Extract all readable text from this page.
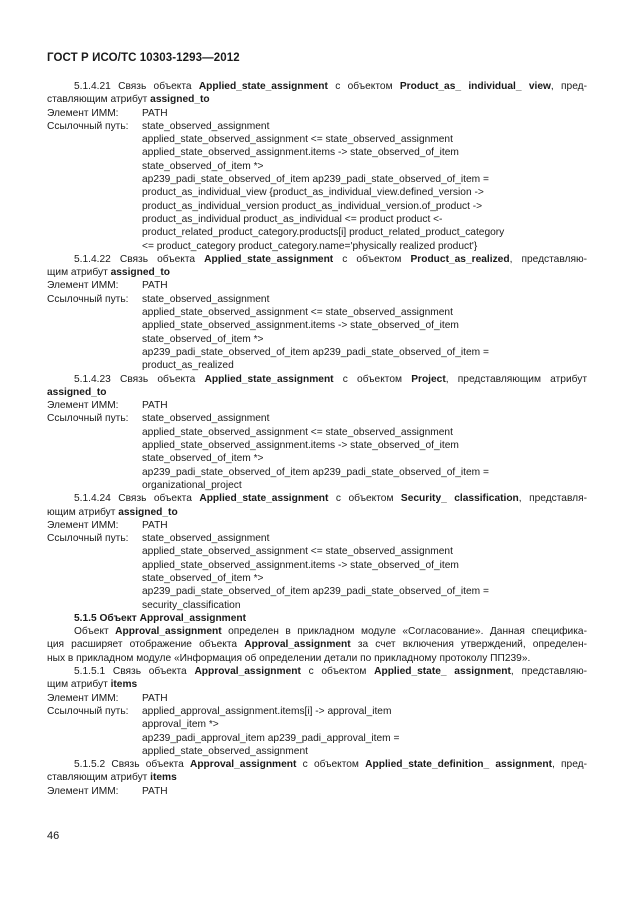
ГОСТ Р ИСО/ТС 10303-1293—2012
5.1.4.21 Связь объекта Applied_state_assignment с объектом Product_as_ individual_ view, пред-
ставляющим атрибут assigned_to
Элемент ИММ: PATH
Ссылочный путь: state_observed_assignment
applied_state_observed_assignment <= state_observed_assignment
applied_state_observed_assignment.items -> state_observed_of_item
state_observed_of_item *>
ap239_padi_state_observed_of_item ap239_padi_state_observed_of_item =
product_as_individual_view {product_as_individual_view.defined_version ->
product_as_individual_version product_as_individual_version.of_product ->
product_as_individual product_as_individual <= product product <-
product_related_product_category.products[i] product_related_product_category
<= product_category product_category.name='physically realized product'}
5.1.4.22 Связь объекта Applied_state_assignment с объектом Product_as_realized, представляю-
щим атрибут assigned_to
Элемент ИММ: PATH
Ссылочный путь: state_observed_assignment
applied_state_observed_assignment <= state_observed_assignment
applied_state_observed_assignment.items -> state_observed_of_item
state_observed_of_item *>
ap239_padi_state_observed_of_item ap239_padi_state_observed_of_item =
product_as_realized
5.1.4.23 Связь объекта Applied_state_assignment с объектом Project, представляющим атрибут
assigned_to
Элемент ИММ: PATH
Ссылочный путь: state_observed_assignment
applied_state_observed_assignment <= state_observed_assignment
applied_state_observed_assignment.items -> state_observed_of_item
state_observed_of_item *>
ap239_padi_state_observed_of_item ap239_padi_state_observed_of_item =
organizational_project
5.1.4.24 Связь объекта Applied_state_assignment с объектом Security_ classification, представля-
ющим атрибут assigned_to
Элемент ИММ: PATH
Ссылочный путь: state_observed_assignment
applied_state_observed_assignment <= state_observed_assignment
applied_state_observed_assignment.items -> state_observed_of_item
state_observed_of_item *>
ap239_padi_state_observed_of_item ap239_padi_state_observed_of_item =
security_classification
5.1.5 Объект Approval_assignment
Объект Approval_assignment определен в прикладном модуле «Согласование». Данная специфика-
ция расширяет отображение объекта Approval_assignment за счет включения утверждений, определен-
ных в прикладном модуле «Информация об определении детали по прикладному протоколу ПП239».
5.1.5.1 Связь объекта Approval_assignment с объектом Applied_state_ assignment, представляю-
щим атрибут items
Элемент ИММ: PATH
Ссылочный путь: applied_approval_assignment.items[i] -> approval_item
approval_item *>
ap239_padi_approval_item ap239_padi_approval_item =
applied_state_observed_assignment
5.1.5.2 Связь объекта Approval_assignment с объектом Applied_state_definition_ assignment, пред-
ставляющим атрибут items
Элемент ИММ: PATH
46
